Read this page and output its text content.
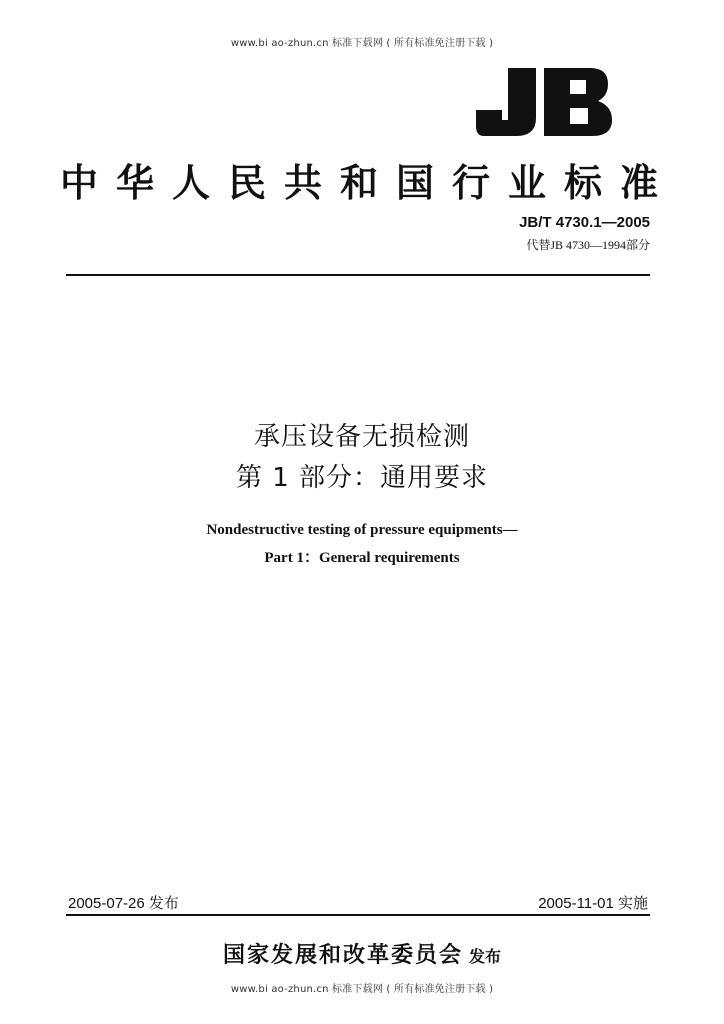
www.bi ao-zhun.cn 标准下载网 ( 所有标准免注册下载 )
中华人民共和国行业标准
JB/T 4730.1—2005
代替JB 4730—1994部分
承压设备无损检测
第 1 部分：通用要求
Nondestructive testing of pressure equipments—
Part 1：General requirements
2005-07-26 发布	2005-11-01 实施
国家发展和改革委员会 发布
www.bi ao-zhun.cn 标准下载网 ( 所有标准免注册下载 )
